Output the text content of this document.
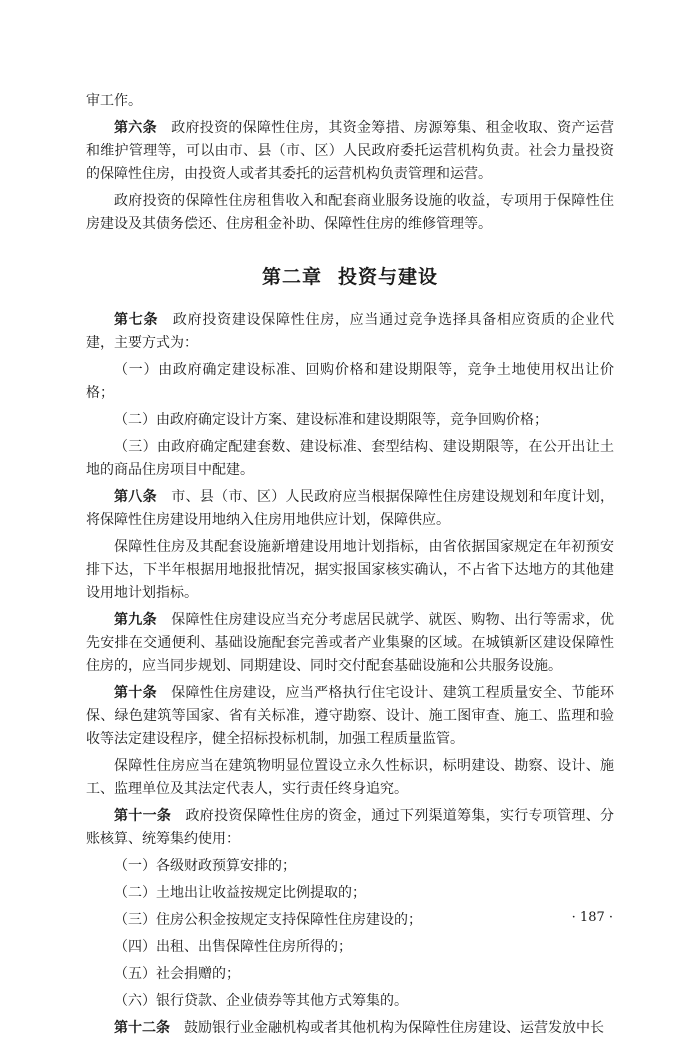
审工作。

第六条　 政府投资的保障性住房，其资金筹措、房源筹集、租金收取、资产运营和维护管理等，可以由市、县（市、区）人民政府委托运营机构负责。社会力量投资的保障性住房，由投资人或者其委托的运营机构负责管理和运营。

政府投资的保障性住房租售收入和配套商业服务设施的收益，专项用于保障性住房建设及其债务偿还、住房租金补助、保障性住房的维修管理等。

第二章 投资与建设

第七条　 政府投资建设保障性住房，应当通过竞争选择具备相应资质的企业代建，主要方式为：

（一）由政府确定建设标准、回购价格和建设期限等，竞争土地使用权出让价格；

（二）由政府确定设计方案、建设标准和建设期限等，竞争回购价格；

（三）由政府确定配建套数、建设标准、套型结构、建设期限等，在公开出让土地的商品住房项目中配建。

第八条　 市、县（市、区）人民政府应当根据保障性住房建设规划和年度计划，将保障性住房建设用地纳入住房用地供应计划，保障供应。

保障性住房及其配套设施新增建设用地计划指标，由省依据国家规定在年初预安排下达，下半年根据用地报批情况，据实报国家核实确认，不占省下达地方的其他建设用地计划指标。

第九条　 保障性住房建设应当充分考虑居民就学、就医、购物、出行等需求，优先安排在交通便利、基础设施配套完善或者产业集聚的区域。在城镇新区建设保障性住房的，应当同步规划、同期建设、同时交付配套基础设施和公共服务设施。

第十条　 保障性住房建设，应当严格执行住宅设计、建筑工程质量安全、节能环保、绿色建筑等国家、省有关标准，遵守勘察、设计、施工图审查、施工、监理和验收等法定建设程序，健全招标投标机制，加强工程质量监管。

保障性住房应当在建筑物明显位置设立永久性标识，标明建设、勘察、设计、施工、监理单位及其法定代表人，实行责任终身追究。

第十一条　 政府投资保障性住房的资金，通过下列渠道筹集，实行专项管理、分账核算、统筹集约使用：

（一）各级财政预算安排的；

（二）土地出让收益按规定比例提取的；

（三）住房公积金按规定支持保障性住房建设的；

（四）出租、出售保障性住房所得的；

（五）社会捐赠的；

（六）银行贷款、企业债券等其他方式筹集的。

第十二条　 鼓励银行业金融机构或者其他机构为保障性住房建设、运营发放中长

· 187 ·
